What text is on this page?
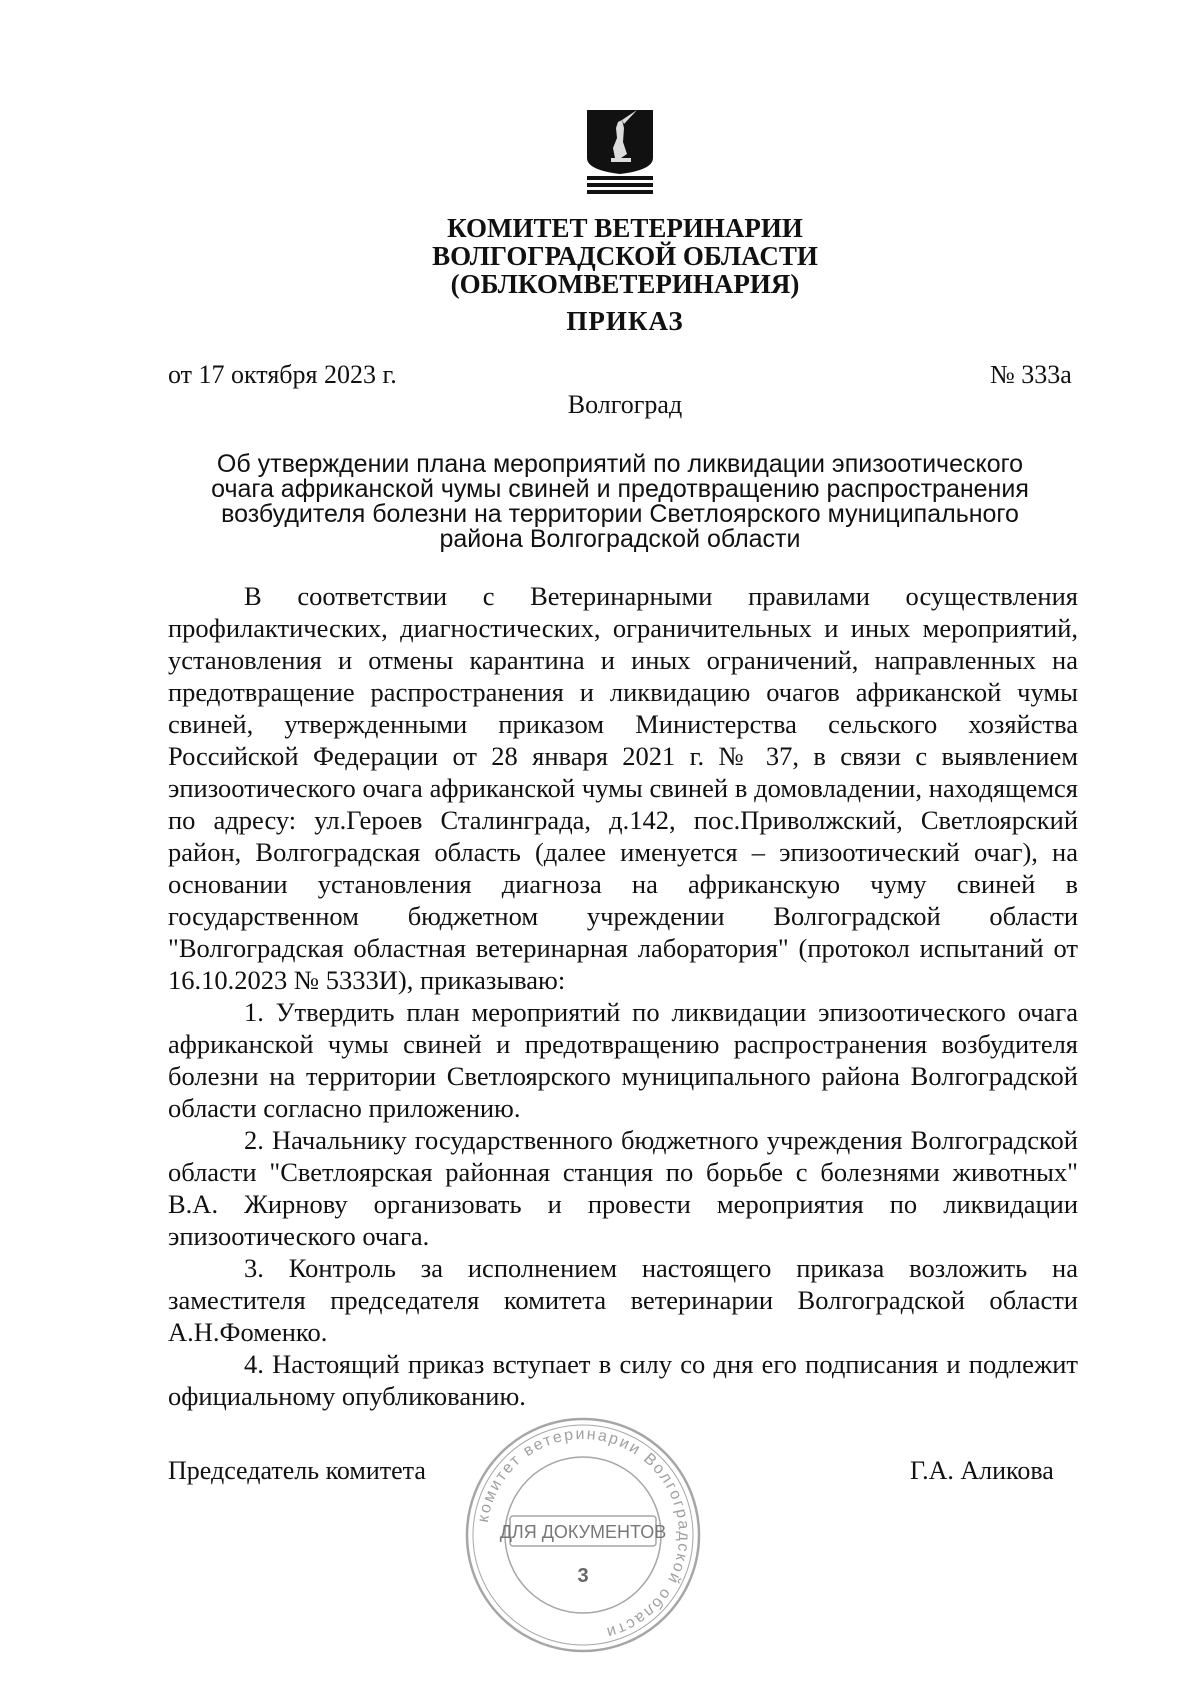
КОМИТЕТ ВЕТЕРИНАРИИ
ВОЛГОГРАДСКОЙ ОБЛАСТИ
(ОБЛКОМВЕТЕРИНАРИЯ)
ПРИКАЗ
от 17 октября 2023 г.	№ 333а
Волгоград
Об утверждении плана мероприятий по ликвидации эпизоотического очага африканской чумы свиней и предотвращению распространения возбудителя болезни на территории Светлоярского муниципального района Волгоградской области

В соответствии с Ветеринарными правилами осуществления профилактических, диагностических, ограничительных и иных мероприятий, установления и отмены карантина и иных ограничений, направленных на предотвращение распространения и ликвидацию очагов африканской чумы свиней, утвержденными приказом Министерства сельского хозяйства Российской Федерации от 28 января 2021 г. № 37, в связи с выявлением эпизоотического очага африканской чумы свиней в домовладении, находящемся по адресу: ул.Героев Сталинграда, д.142, пос.Приволжский, Светлоярский район, Волгоградская область (далее именуется – эпизоотический очаг), на основании установления диагноза на африканскую чуму свиней в государственном бюджетном учреждении Волгоградской области "Волгоградская областная ветеринарная лаборатория" (протокол испытаний от 16.10.2023 № 5333И), приказываю:

1. Утвердить план мероприятий по ликвидации эпизоотического очага африканской чумы свиней и предотвращению распространения возбудителя болезни на территории Светлоярского муниципального района Волгоградской области согласно приложению.

2. Начальнику государственного бюджетного учреждения Волгоградской области "Светлоярская районная станция по борьбе с болезнями животных" В.А. Жирнову организовать и провести мероприятия по ликвидации эпизоотического очага.

3. Контроль за исполнением настоящего приказа возложить на заместителя председателя комитета ветеринарии Волгоградской области А.Н.Фоменко.

4. Настоящий приказ вступает в силу со дня его подписания и подлежит официальному опубликованию.

комитет ветеринарии Волгоградской области
ДЛЯ ДОКУМЕНТОВ
3
Председатель комитета	Г.А. Аликова
